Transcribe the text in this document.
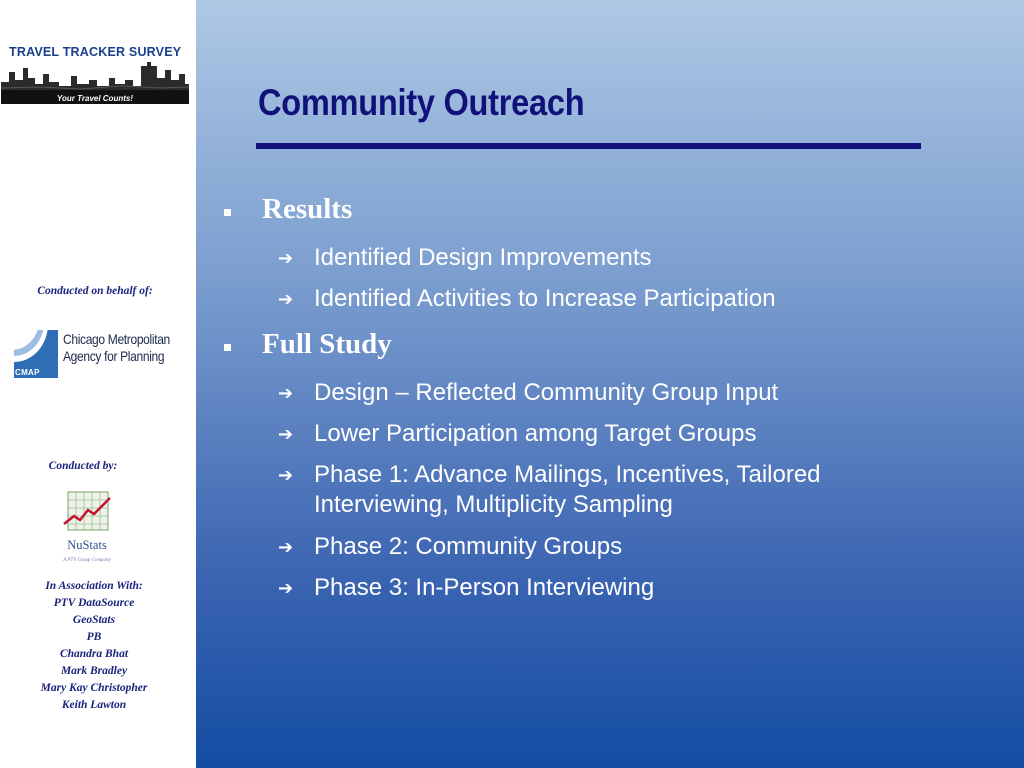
TRAVEL TRACKER SURVEY
Your Travel Counts!
Conducted on behalf of:
CMAP
Chicago Metropolitan
Agency for Planning
Conducted by:
NuStats
A PTV Group Company
In Association With:
PTV DataSource
GeoStats
PB
Chandra Bhat
Mark Bradley
Mary Kay Christopher
Keith Lawton
Community Outreach
Results
➔ Identified Design Improvements
➔ Identified Activities to Increase Participation
Full Study
➔ Design – Reflected Community Group Input
➔ Lower Participation among Target Groups
➔ Phase 1: Advance Mailings, Incentives, Tailored Interviewing, Multiplicity Sampling
➔ Phase 2: Community Groups
➔ Phase 3: In-Person Interviewing
